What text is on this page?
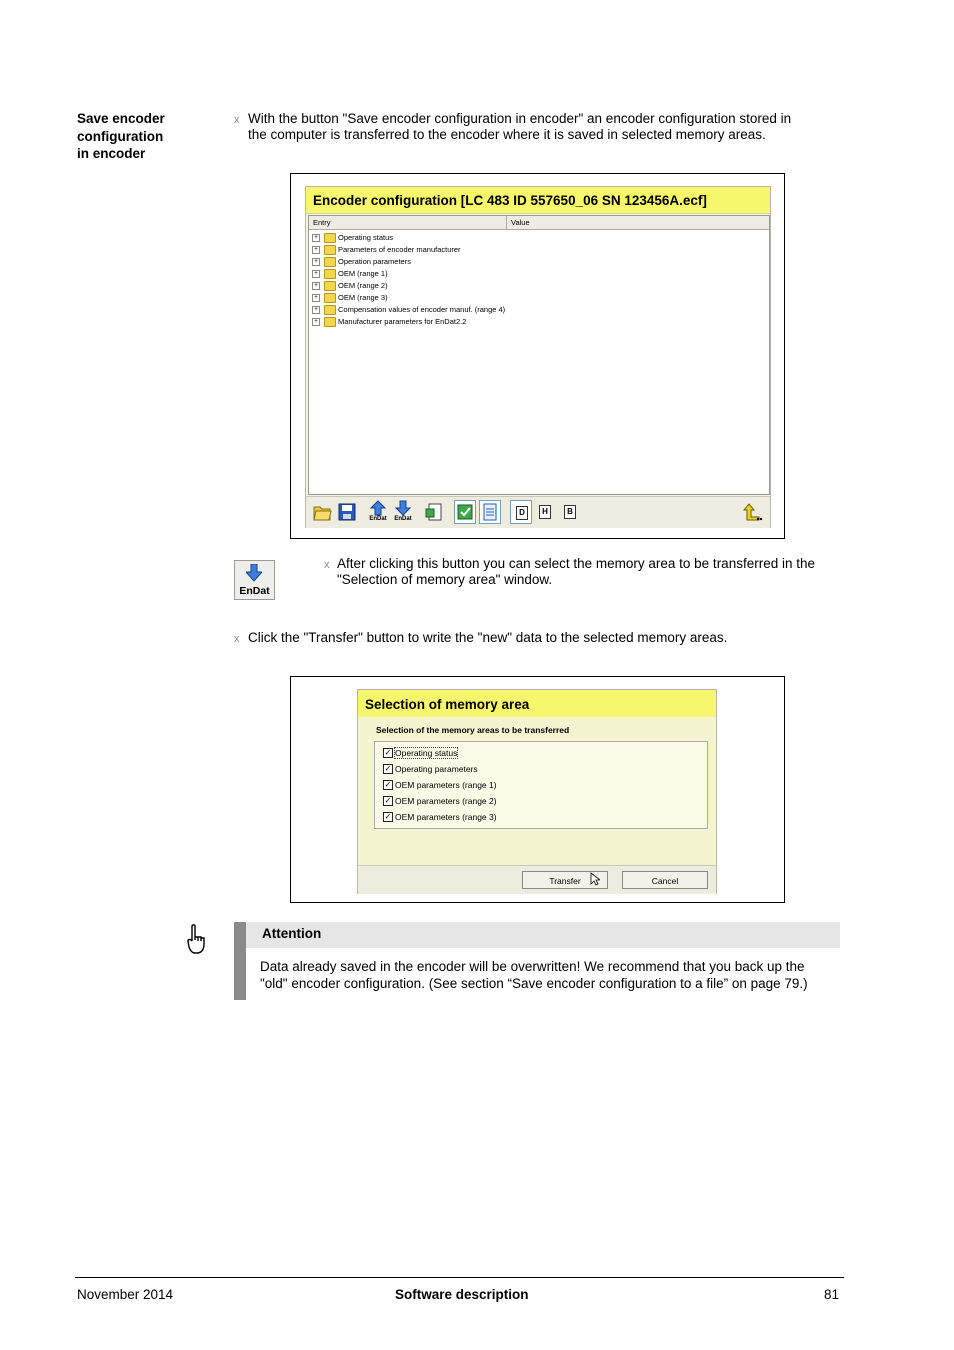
Save encoder
configuration
in encoder
x With the button "Save encoder configuration in encoder" an encoder configuration stored in
the computer is transferred to the encoder where it is saved in selected memory areas.
Encoder configuration [LC 483 ID 557650_06 SN 123456A.ecf]
Entry	Value
+	Operating status
+	Parameters of encoder manufacturer
+	Operation parameters
+	OEM (range 1)
+	OEM (range 2)
+	OEM (range 3)
+	Compensation values of encoder manuf. (range 4)
+	Manufacturer parameters for EnDat2.2
EnDat	EnDat
D	H	B
EnDat
x After clicking this button you can select the memory area to be transferred in the
"Selection of memory area" window.
x Click the "Transfer" button to write the "new" data to the selected memory areas.
Selection of memory area
Selection of the memory areas to be transferred
✓ Operating status
✓ Operating parameters
✓ OEM parameters (range 1)
✓ OEM parameters (range 2)
✓ OEM parameters (range 3)
Transfer	Cancel
Attention
Data already saved in the encoder will be overwritten! We recommend that you back up the
"old" encoder configuration. (See section “Save encoder configuration to a file” on page 79.)
November 2014	Software description	81
